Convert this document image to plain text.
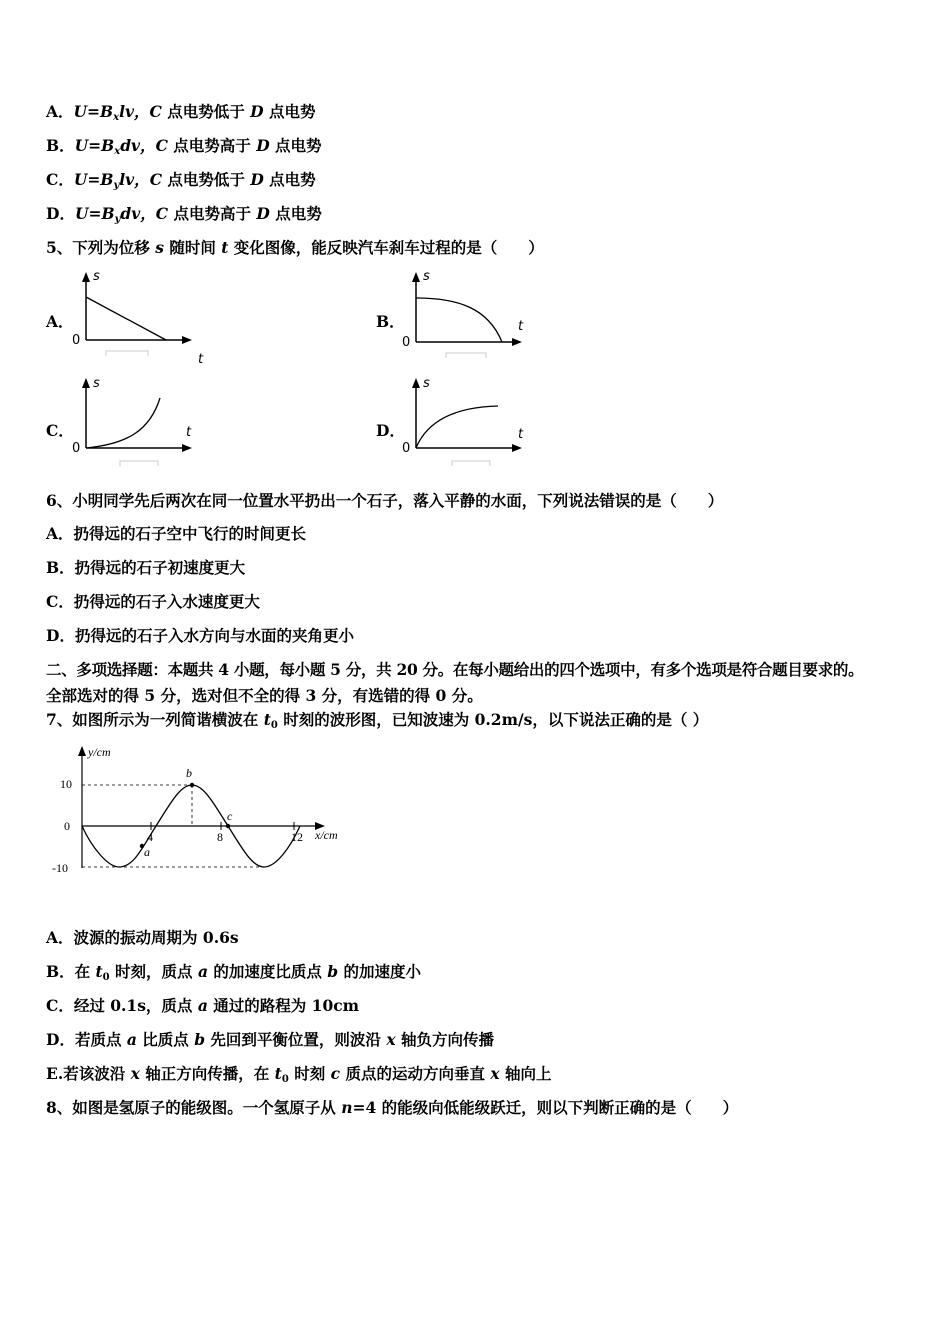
A．$U=B_xlv$，C 点电势低于 D 点电势
B．$U=B_xdv$，C 点电势高于 D 点电势
C．$U=B_ylv$，C 点电势低于 D 点电势
D．$U=B_ydv$，C 点电势高于 D 点电势
5、下列为位移 s 随时间 t 变化图像，能反映汽车刹车过程的是（　　）
A．	B．
C．	D．
s
0
t
s
0
t
s
0
t
s
0
t
6、小明同学先后两次在同一位置水平扔出一个石子，落入平静的水面，下列说法错误的是（　　）
A．扔得远的石子空中飞行的时间更长
B．扔得远的石子初速度更大
C．扔得远的石子入水速度更大
D．扔得远的石子入水方向与水面的夹角更小
二、多项选择题：本题共 4 小题，每小题 5 分，共 20 分。在每小题给出的四个选项中，有多个选项是符合题目要求的。
全部选对的得 5 分，选对但不全的得 3 分，有选错的得 0 分。
7、如图所示为一列简谐横波在 $t_0$ 时刻的波形图，已知波速为 0.2m/s，以下说法正确的是（ ）
y/cm
x/cm
10
0
-10
4	8	12
a
b
c
A．波源的振动周期为 0.6s
B．在 $t_0$ 时刻，质点 a 的加速度比质点 b 的加速度小
C．经过 0.1s，质点 a 通过的路程为 10cm
D．若质点 a 比质点 b 先回到平衡位置，则波沿 x 轴负方向传播
E.若该波沿 x 轴正方向传播，在 $t_0$ 时刻 c 质点的运动方向垂直 x 轴向上
8、如图是氢原子的能级图。一个氢原子从 n=4 的能级向低能级跃迁，则以下判断正确的是（　　）
